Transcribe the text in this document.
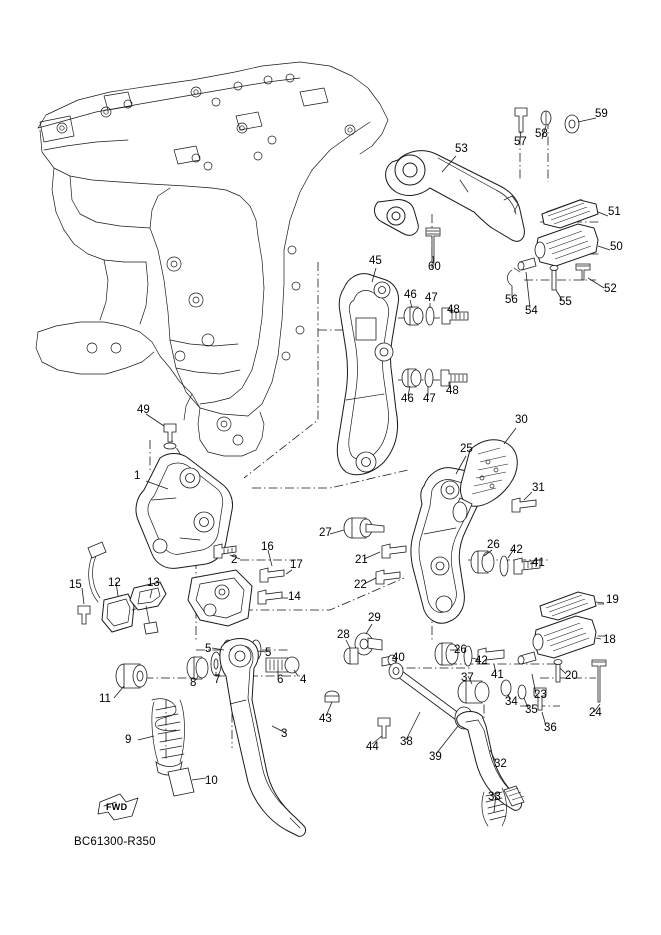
1
2
3
4
5	5
6
7
8
9
10
11
12 13
14
15
16
17
18
19
20
21
22
23
24
25
26
26
27
28
29
30
31
32
33
34
35
36
37
38
39
40
41
41
42
42
43
44
45
46
46
47
47
48
48
49
50
51
52
53
54
55
56
57
58
59
60
FWD
BC61300-R350
